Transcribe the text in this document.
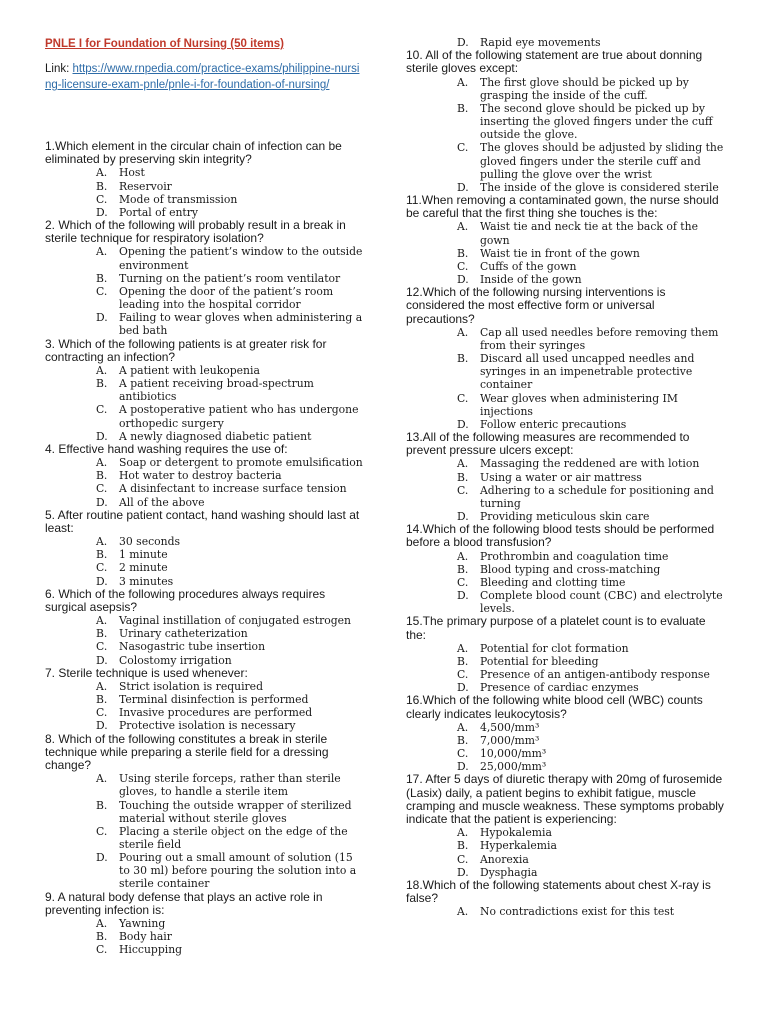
PNLE I for Foundation of Nursing (50 items)
Link: https://www.rnpedia.com/practice-exams/philippine-nursing-licensure-exam-pnle/pnle-i-for-foundation-of-nursing/
1.Which element in the circular chain of infection can be eliminated by preserving skin integrity?
A.	Host
B.	Reservoir
C.	Mode of transmission
D.	Portal of entry
2. Which of the following will probably result in a break in sterile technique for respiratory isolation?
A.	Opening the patient’s window to the outside environment
B.	Turning on the patient’s room ventilator
C.	Opening the door of the patient’s room leading into the hospital corridor
D.	Failing to wear gloves when administering a bed bath
3. Which of the following patients is at greater risk for contracting an infection?
A.	A patient with leukopenia
B.	A patient receiving broad-spectrum antibiotics
C.	A postoperative patient who has undergone orthopedic surgery
D.	A newly diagnosed diabetic patient
4. Effective hand washing requires the use of:
A.	Soap or detergent to promote emulsification
B.	Hot water to destroy bacteria
C.	A disinfectant to increase surface tension
D.	All of the above
5. After routine patient contact, hand washing should last at least:
A.	30 seconds
B.	1 minute
C.	2 minute
D.	3 minutes
6. Which of the following procedures always requires surgical asepsis?
A.	Vaginal instillation of conjugated estrogen
B.	Urinary catheterization
C.	Nasogastric tube insertion
D.	Colostomy irrigation
7. Sterile technique is used whenever:
A.	Strict isolation is required
B.	Terminal disinfection is performed
C.	Invasive procedures are performed
D.	Protective isolation is necessary
8. Which of the following constitutes a break in sterile technique while preparing a sterile field for a dressing change?
A.	Using sterile forceps, rather than sterile gloves, to handle a sterile item
B.	Touching the outside wrapper of sterilized material without sterile gloves
C.	Placing a sterile object on the edge of the sterile field
D.	Pouring out a small amount of solution (15 to 30 ml) before pouring the solution into a sterile container
9. A natural body defense that plays an active role in preventing infection is:
A.	Yawning
B.	Body hair
C.	Hiccupping
D.	Rapid eye movements
10. All of the following statement are true about donning sterile gloves except:
A.	The first glove should be picked up by grasping the inside of the cuff.
B.	The second glove should be picked up by inserting the gloved fingers under the cuff outside the glove.
C.	The gloves should be adjusted by sliding the gloved fingers under the sterile cuff and pulling the glove over the wrist
D.	The inside of the glove is considered sterile
11.When removing a contaminated gown, the nurse should be careful that the first thing she touches is the:
A.	Waist tie and neck tie at the back of the gown
B.	Waist tie in front of the gown
C.	Cuffs of the gown
D.	Inside of the gown
12.Which of the following nursing interventions is considered the most effective form or universal precautions?
A.	Cap all used needles before removing them from their syringes
B.	Discard all used uncapped needles and syringes in an impenetrable protective container
C.	Wear gloves when administering IM injections
D.	Follow enteric precautions
13.All of the following measures are recommended to prevent pressure ulcers except:
A.	Massaging the reddened are with lotion
B.	Using a water or air mattress
C.	Adhering to a schedule for positioning and turning
D.	Providing meticulous skin care
14.Which of the following blood tests should be performed before a blood transfusion?
A.	Prothrombin and coagulation time
B.	Blood typing and cross-matching
C.	Bleeding and clotting time
D.	Complete blood count (CBC) and electrolyte levels.
15.The primary purpose of a platelet count is to evaluate the:
A.	Potential for clot formation
B.	Potential for bleeding
C.	Presence of an antigen-antibody response
D.	Presence of cardiac enzymes
16.Which of the following white blood cell (WBC) counts clearly indicates leukocytosis?
A.	4,500/mm³
B.	7,000/mm³
C.	10,000/mm³
D.	25,000/mm³
17. After 5 days of diuretic therapy with 20mg of furosemide (Lasix) daily, a patient begins to exhibit fatigue, muscle cramping and muscle weakness. These symptoms probably indicate that the patient is experiencing:
A.	Hypokalemia
B.	Hyperkalemia
C.	Anorexia
D.	Dysphagia
18.Which of the following statements about chest X-ray is false?
A.	No contradictions exist for this test
